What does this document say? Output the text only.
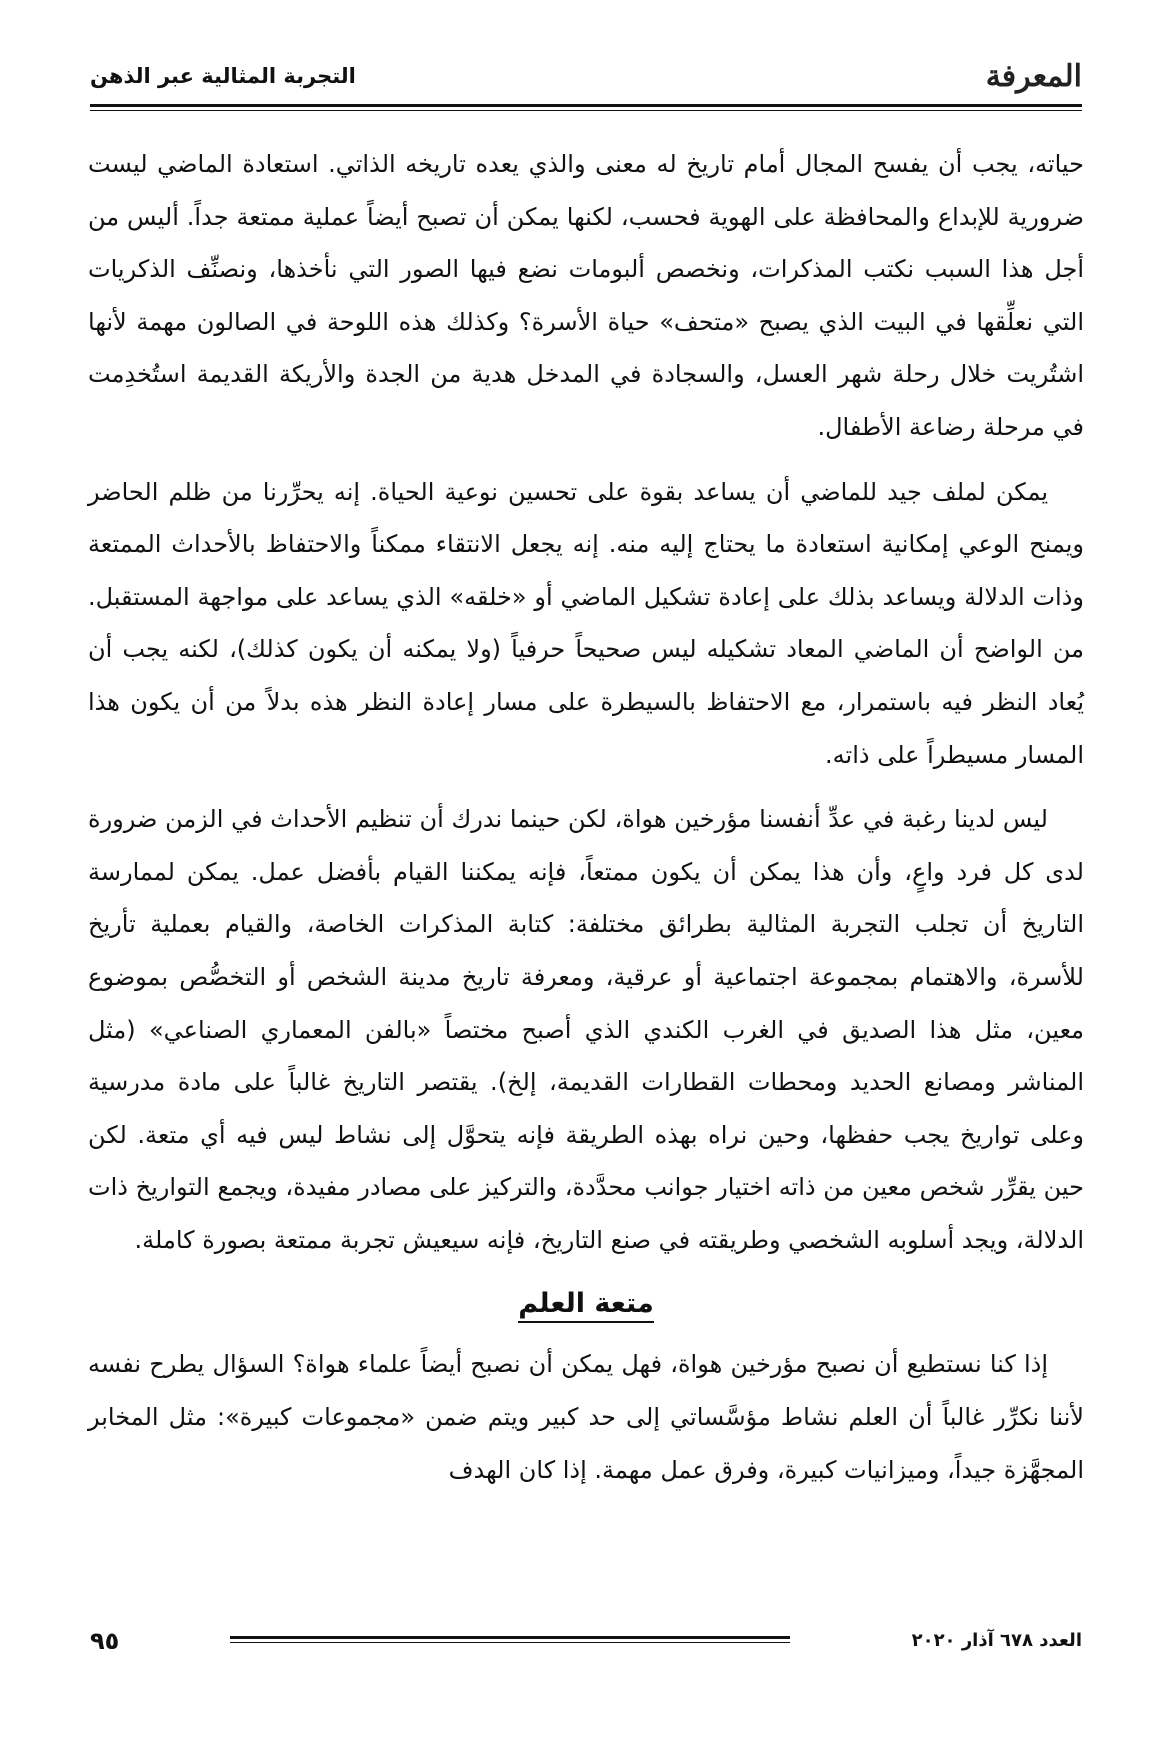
المعرفة
التجربة المثالية عبر الذهن

حياته، يجب أن يفسح المجال أمام تاريخ له معنى والذي يعده تاريخه الذاتي. استعادة الماضي ليست ضرورية للإبداع والمحافظة على الهوية فحسب، لكنها يمكن أن تصبح أيضاً عملية ممتعة جداً. أليس من أجل هذا السبب نكتب المذكرات، ونخصص ألبومات نضع فيها الصور التي نأخذها، ونصنِّف الذكريات التي نعلِّقها في البيت الذي يصبح «متحف» حياة الأسرة؟ وكذلك هذه اللوحة في الصالون مهمة لأنها اشتُريت خلال رحلة شهر العسل، والسجادة في المدخل هدية من الجدة والأريكة القديمة استُخدِمت في مرحلة رضاعة الأطفال.

يمكن لملف جيد للماضي أن يساعد بقوة على تحسين نوعية الحياة. إنه يحرِّرنا من ظلم الحاضر ويمنح الوعي إمكانية استعادة ما يحتاج إليه منه. إنه يجعل الانتقاء ممكناً والاحتفاظ بالأحداث الممتعة وذات الدلالة ويساعد بذلك على إعادة تشكيل الماضي أو «خلقه» الذي يساعد على مواجهة المستقبل. من الواضح أن الماضي المعاد تشكيله ليس صحيحاً حرفياً (ولا يمكنه أن يكون كذلك)، لكنه يجب أن يُعاد النظر فيه باستمرار، مع الاحتفاظ بالسيطرة على مسار إعادة النظر هذه بدلاً من أن يكون هذا المسار مسيطراً على ذاته.

ليس لدينا رغبة في عدِّ أنفسنا مؤرخين هواة، لكن حينما ندرك أن تنظيم الأحداث في الزمن ضرورة لدى كل فرد واعٍ، وأن هذا يمكن أن يكون ممتعاً، فإنه يمكننا القيام بأفضل عمل. يمكن لممارسة التاريخ أن تجلب التجربة المثالية بطرائق مختلفة: كتابة المذكرات الخاصة، والقيام بعملية تأريخ للأسرة، والاهتمام بمجموعة اجتماعية أو عرقية، ومعرفة تاريخ مدينة الشخص أو التخصُّص بموضوع معين، مثل هذا الصديق في الغرب الكندي الذي أصبح مختصاً «بالفن المعماري الصناعي» (مثل المناشر ومصانع الحديد ومحطات القطارات القديمة، إلخ). يقتصر التاريخ غالباً على مادة مدرسية وعلى تواريخ يجب حفظها، وحين نراه بهذه الطريقة فإنه يتحوَّل إلى نشاط ليس فيه أي متعة. لكن حين يقرِّر شخص معين من ذاته اختيار جوانب محدَّدة، والتركيز على مصادر مفيدة، ويجمع التواريخ ذات الدلالة، ويجد أسلوبه الشخصي وطريقته في صنع التاريخ، فإنه سيعيش تجربة ممتعة بصورة كاملة.

متعة العلم

إذا كنا نستطيع أن نصبح مؤرخين هواة، فهل يمكن أن نصبح أيضاً علماء هواة؟ السؤال يطرح نفسه لأننا نكرِّر غالباً أن العلم نشاط مؤسَّساتي إلى حد كبير ويتم ضمن «مجموعات كبيرة»: مثل المخابر المجهَّزة جيداً، وميزانيات كبيرة، وفرق عمل مهمة. إذا كان الهدف

العدد ٦٧٨ آذار ٢٠٢٠
٩٥
